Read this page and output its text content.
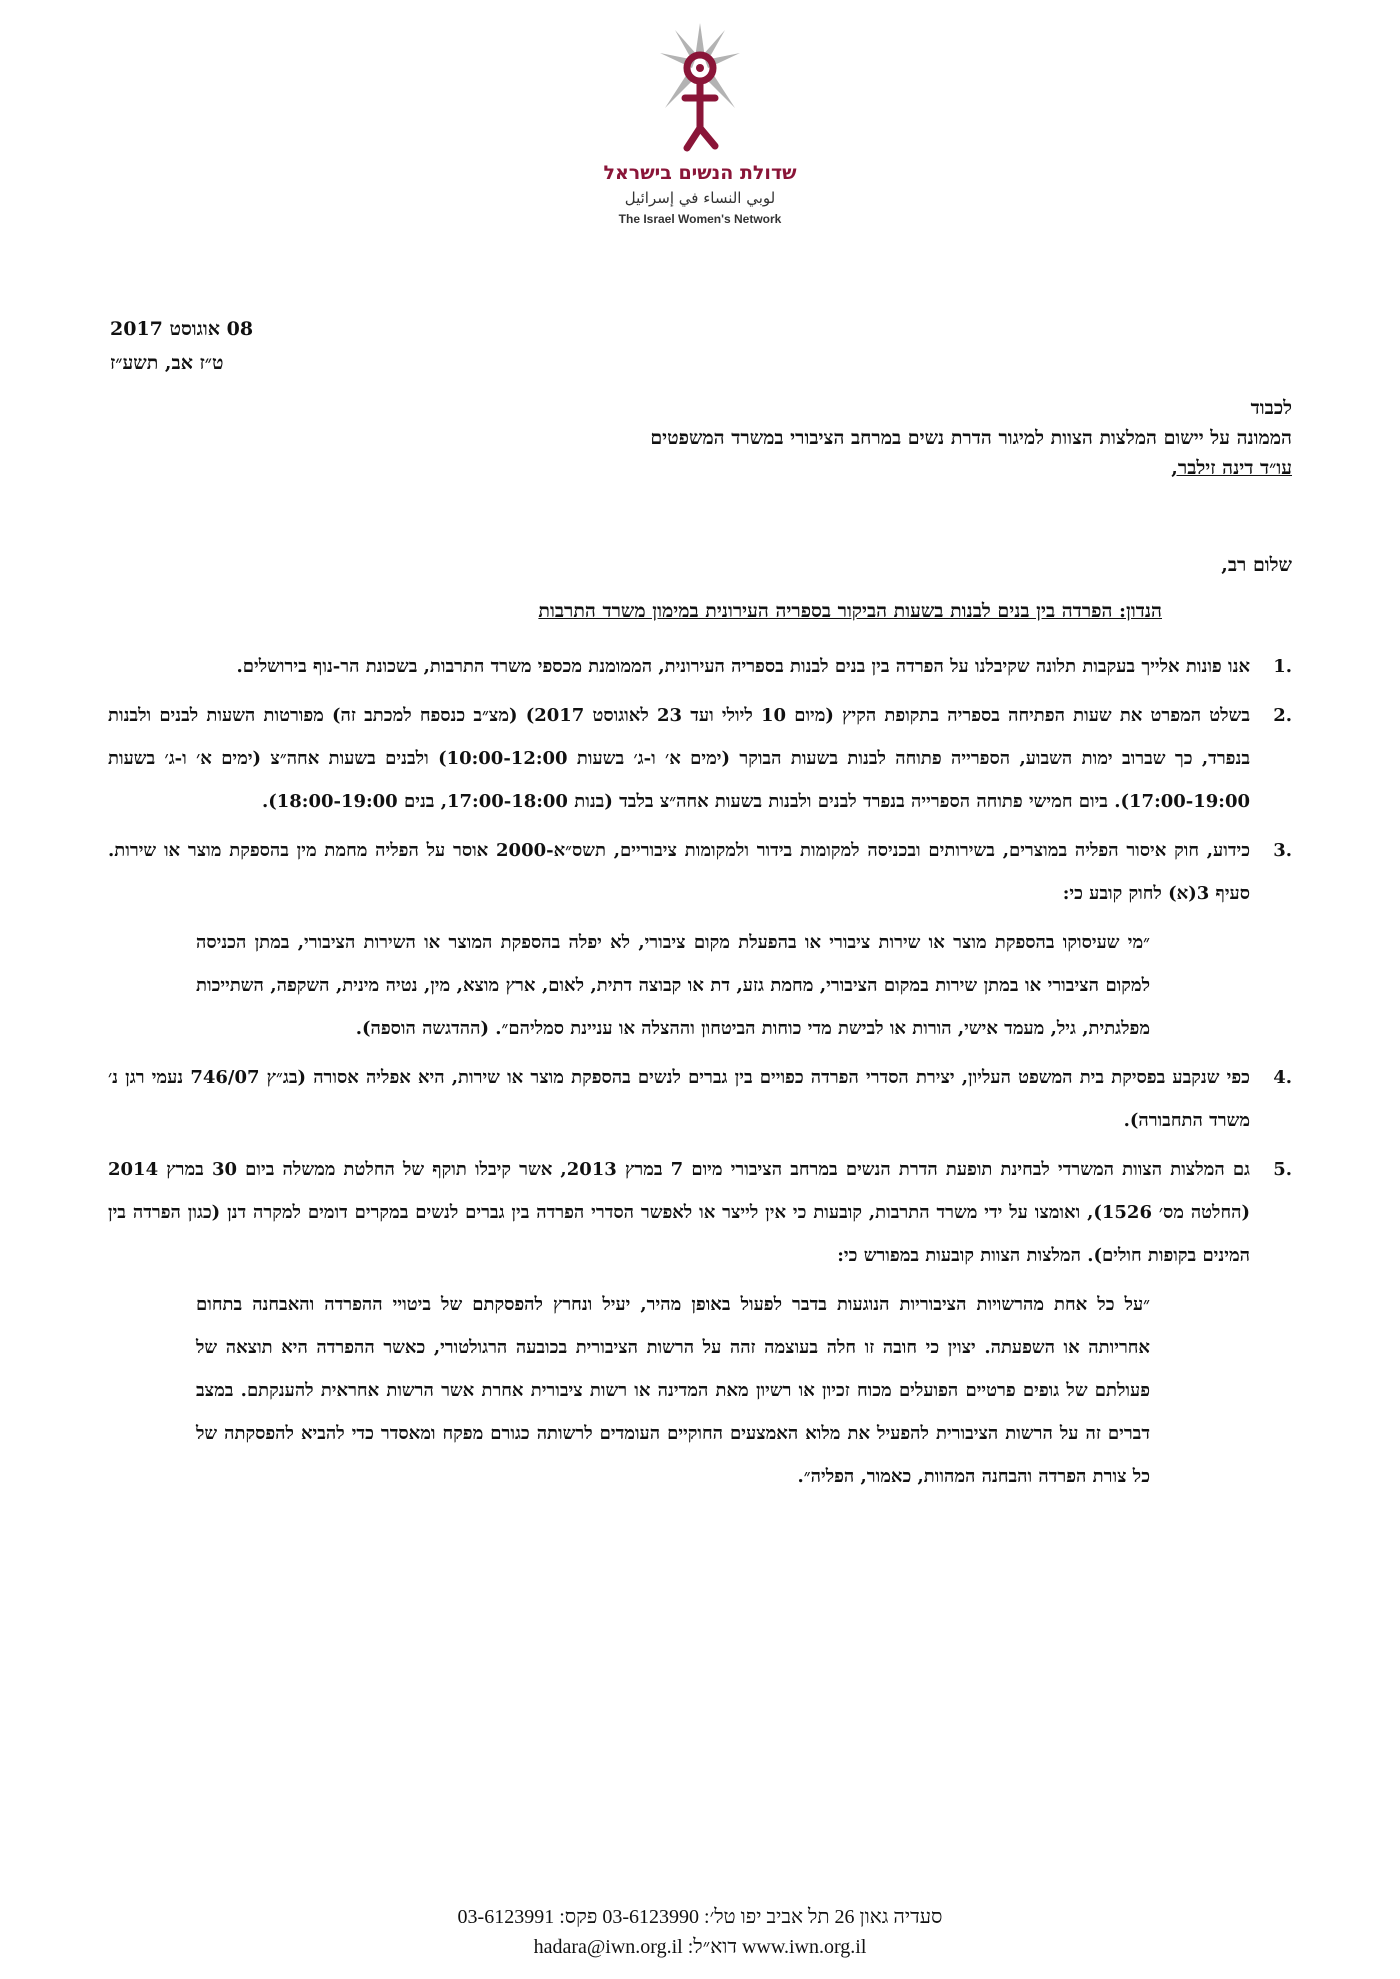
שדולת הנשים בישראל
لوبي النساء في إسرائيل
The Israel Women's Network
08 אוגוסט 2017
ט״ז אב, תשע״ז
לכבוד
הממונה על יישום המלצות הצוות למיגור הדרת נשים במרחב הציבורי במשרד המשפטים
עו״ד דינה זילבר,
שלום רב,
הנדון: הפרדה בין בנים לבנות בשעות הביקור בספריה העירונית במימון משרד התרבות
.1
אנו פונות אלייך בעקבות תלונה שקיבלנו על הפרדה בין בנים לבנות בספריה העירונית, הממומנת מכספי משרד התרבות, בשכונת הר-נוף בירושלים.
.2
בשלט המפרט את שעות הפתיחה בספריה בתקופת הקיץ (מיום 10 ליולי ועד 23 לאוגוסט 2017) (מצ״ב כנספח למכתב זה) מפורטות השעות לבנים ולבנות בנפרד, כך שברוב ימות השבוע, הספרייה פתוחה לבנות בשעות הבוקר (ימים א׳ ו-ג׳ בשעות 10:00-12:00) ולבנים בשעות אחה״צ (ימים א׳ ו-ג׳ בשעות 17:00-19:00). ביום חמישי פתוחה הספרייה בנפרד לבנים ולבנות בשעות אחה״צ בלבד (בנות 17:00-18:00, בנים 18:00-19:00).
.3
כידוע, חוק איסור הפליה במוצרים, בשירותים ובכניסה למקומות בידור ולמקומות ציבוריים, תשס״א-2000 אוסר על הפליה מחמת מין בהספקת מוצר או שירות. סעיף 3(א) לחוק קובע כי:
״מי שעיסוקו בהספקת מוצר או שירות ציבורי או בהפעלת מקום ציבורי, לא יפלה בהספקת המוצר או השירות הציבורי, במתן הכניסה למקום הציבורי או במתן שירות במקום הציבורי, מחמת גזע, דת או קבוצה דתית, לאום, ארץ מוצא, מין, נטיה מינית, השקפה, השתייכות מפלגתית, גיל, מעמד אישי, הורות או לבישת מדי כוחות הביטחון וההצלה או עניינת סמליהם״. (ההדגשה הוספה).
.4
כפי שנקבע בפסיקת בית המשפט העליון, יצירת הסדרי הפרדה כפויים בין גברים לנשים בהספקת מוצר או שירות, היא אפליה אסורה (בג״ץ 746/07 נעמי רגן נ׳ משרד התחבורה).
.5
גם המלצות הצוות המשרדי לבחינת תופעת הדרת הנשים במרחב הציבורי מיום 7 במרץ 2013, אשר קיבלו תוקף של החלטת ממשלה ביום 30 במרץ 2014 (החלטה מס׳ 1526), ואומצו על ידי משרד התרבות, קובעות כי אין לייצר או לאפשר הסדרי הפרדה בין גברים לנשים במקרים דומים למקרה דנן (כגון הפרדה בין המינים בקופות חולים). המלצות הצוות קובעות במפורש כי:
״על כל אחת מהרשויות הציבוריות הנוגעות בדבר לפעול באופן מהיר, יעיל ונחרץ להפסקתם של ביטויי ההפרדה והאבחנה בתחום אחריותה או השפעתה. יצוין כי חובה זו חלה בעוצמה זהה על הרשות הציבורית בכובעה הרגולטורי, כאשר ההפרדה היא תוצאה של פעולתם של גופים פרטיים הפועלים מכוח זכיון או רשיון מאת המדינה או רשות ציבורית אחרת אשר הרשות אחראית להענקתם. במצב דברים זה על הרשות הציבורית להפעיל את מלוא האמצעים החוקיים העומדים לרשותה כגורם מפקח ומאסדר כדי להביא להפסקתה של כל צורת הפרדה והבחנה המהוות, כאמור, הפליה״.
סעדיה גאון 26 תל אביב יפו טל׳: 03-6123990 פקס: 03-6123991
www.iwn.org.il דוא״ל: hadara@iwn.org.il
